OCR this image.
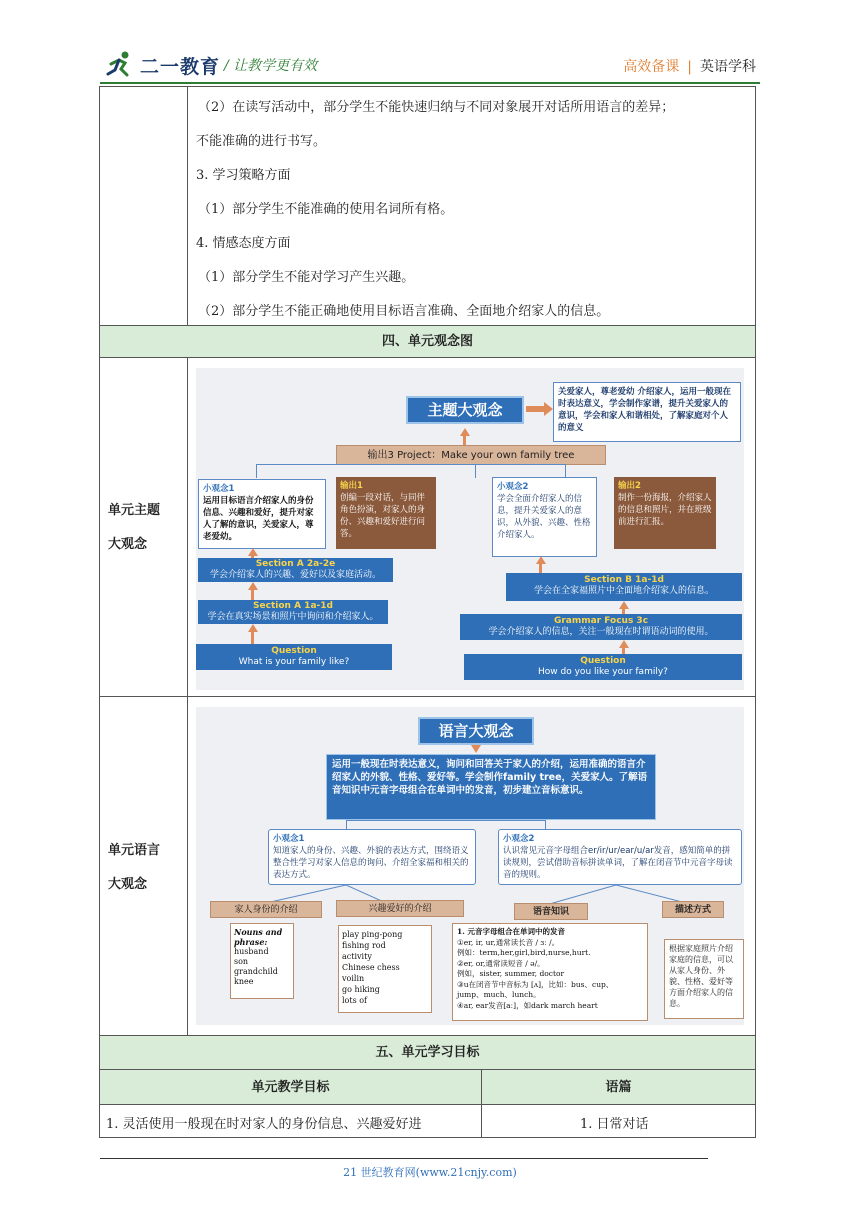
二一教育 / 让教学更有效	高效备课 | 英语学科
（2）在读写活动中，部分学生不能快速归纳与不同对象展开对话所用语言的差异；
不能准确的进行书写。
3. 学习策略方面
（1）部分学生不能准确的使用名词所有格。
4. 情感态度方面
（1）部分学生不能对学习产生兴趣。
（2）部分学生不能正确地使用目标语言准确、全面地介绍家人的信息。
四、单元观念图
单元主题
大观念
主题大观念
关爱家人，尊老爱幼 介绍家人，运用一般现在时表达意义，学会制作家谱，提升关爱家人的意识，学会和家人和谐相处，了解家庭对个人的意义
输出3 Project：Make your own family tree
小观念1
运用目标语言介绍家人的身份信息、兴趣和爱好，提升对家人了解的意识，关爱家人，尊老爱幼。
输出1
创编一段对话，与同伴角色扮演，对家人的身份、兴趣和爱好进行问答。
小观念2
学会全面介绍家人的信息，提升关爱家人的意识，从外貌、兴趣、性格介绍家人。
输出2
制作一份海报，介绍家人的信息和照片，并在班级前进行汇报。
Section A 2a-2e
学会介绍家人的兴趣、爱好以及家庭活动。
Section A 1a-1d
学会在真实场景和照片中询问和介绍家人。
Question
What is your family like?
Section B 1a-1d
学会在全家福照片中全面地介绍家人的信息。
Grammar Focus 3c
学会介绍家人的信息，关注一般现在时谓语动词的使用。
Question
How do you like your family?
单元语言
大观念
语言大观念
运用一般现在时表达意义，询问和回答关于家人的介绍，运用准确的语言介绍家人的外貌、性格、爱好等。学会制作family tree，关爱家人。了解语音知识中元音字母组合在单词中的发音，初步建立音标意识。
小观念1
知道家人的身份、兴趣、外貌的表达方式，围绕语义整合性学习对家人信息的询问、介绍全家福和相关的表达方式。
小观念2
认识常见元音字母组合er/ir/ur/ear/u/ar发音，感知简单的拼读规则，尝试借助音标拼读单词，了解在闭音节中元音字母读音的规则。
家人身份的介绍	兴趣爱好的介绍	语音知识	描述方式
Nouns and phrase:
husband
son
grandchild
knee
play ping-pong
fishing rod
activity
Chinese chess
voilin
go hiking
lots of
1. 元音字母组合在单词中的发音
①er, ir, ur,通常读长音 / ɜː /。
例如：term,her,girl,bird,nurse,hurt.
②er, or,通常读短音 / ə/。
例如，sister, summer, doctor
③u在闭音节中音标为 [ʌ]，比如：bus、cup、
jump、much、lunch。
④ar, ear发音[aː]，如dark march heart
根据家庭照片介绍家庭的信息，可以从家人身份、外貌、性格、爱好等方面介绍家人的信息。
五、单元学习目标
单元教学目标	语篇
1. 灵活使用一般现在时对家人的身份信息、兴趣爱好进	1. 日常对话
21 世纪教育网(www.21cnjy.com)
